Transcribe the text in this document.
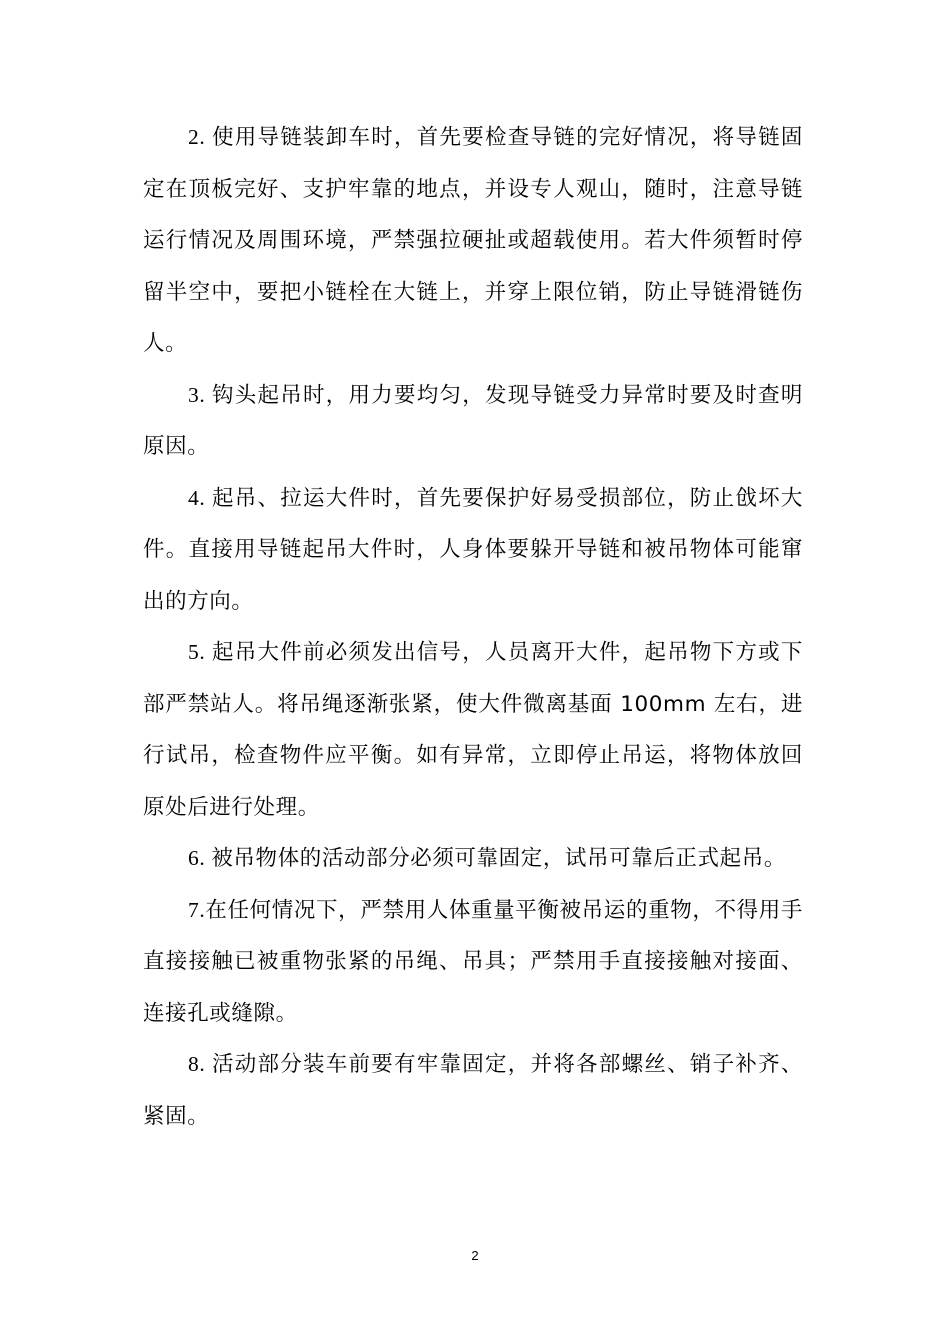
2. 使用导链装卸车时，首先要检查导链的完好情况，将导链固定在顶板完好、支护牢靠的地点，并设专人观山，随时，注意导链运行情况及周围环境，严禁强拉硬扯或超载使用。若大件须暂时停留半空中，要把小链栓在大链上，并穿上限位销，防止导链滑链伤人。

3. 钩头起吊时，用力要均匀，发现导链受力异常时要及时查明原因。

4. 起吊、拉运大件时，首先要保护好易受损部位，防止戗坏大件。直接用导链起吊大件时，人身体要躲开导链和被吊物体可能窜出的方向。

5. 起吊大件前必须发出信号，人员离开大件，起吊物下方或下部严禁站人。将吊绳逐渐张紧，使大件微离基面 100mm 左右，进行试吊，检查物件应平衡。如有异常，立即停止吊运，将物体放回原处后进行处理。

6. 被吊物体的活动部分必须可靠固定，试吊可靠后正式起吊。

7.在任何情况下，严禁用人体重量平衡被吊运的重物，不得用手直接接触已被重物张紧的吊绳、吊具；严禁用手直接接触对接面、连接孔或缝隙。

8. 活动部分装车前要有牢靠固定，并将各部螺丝、销子补齐、紧固。

2
